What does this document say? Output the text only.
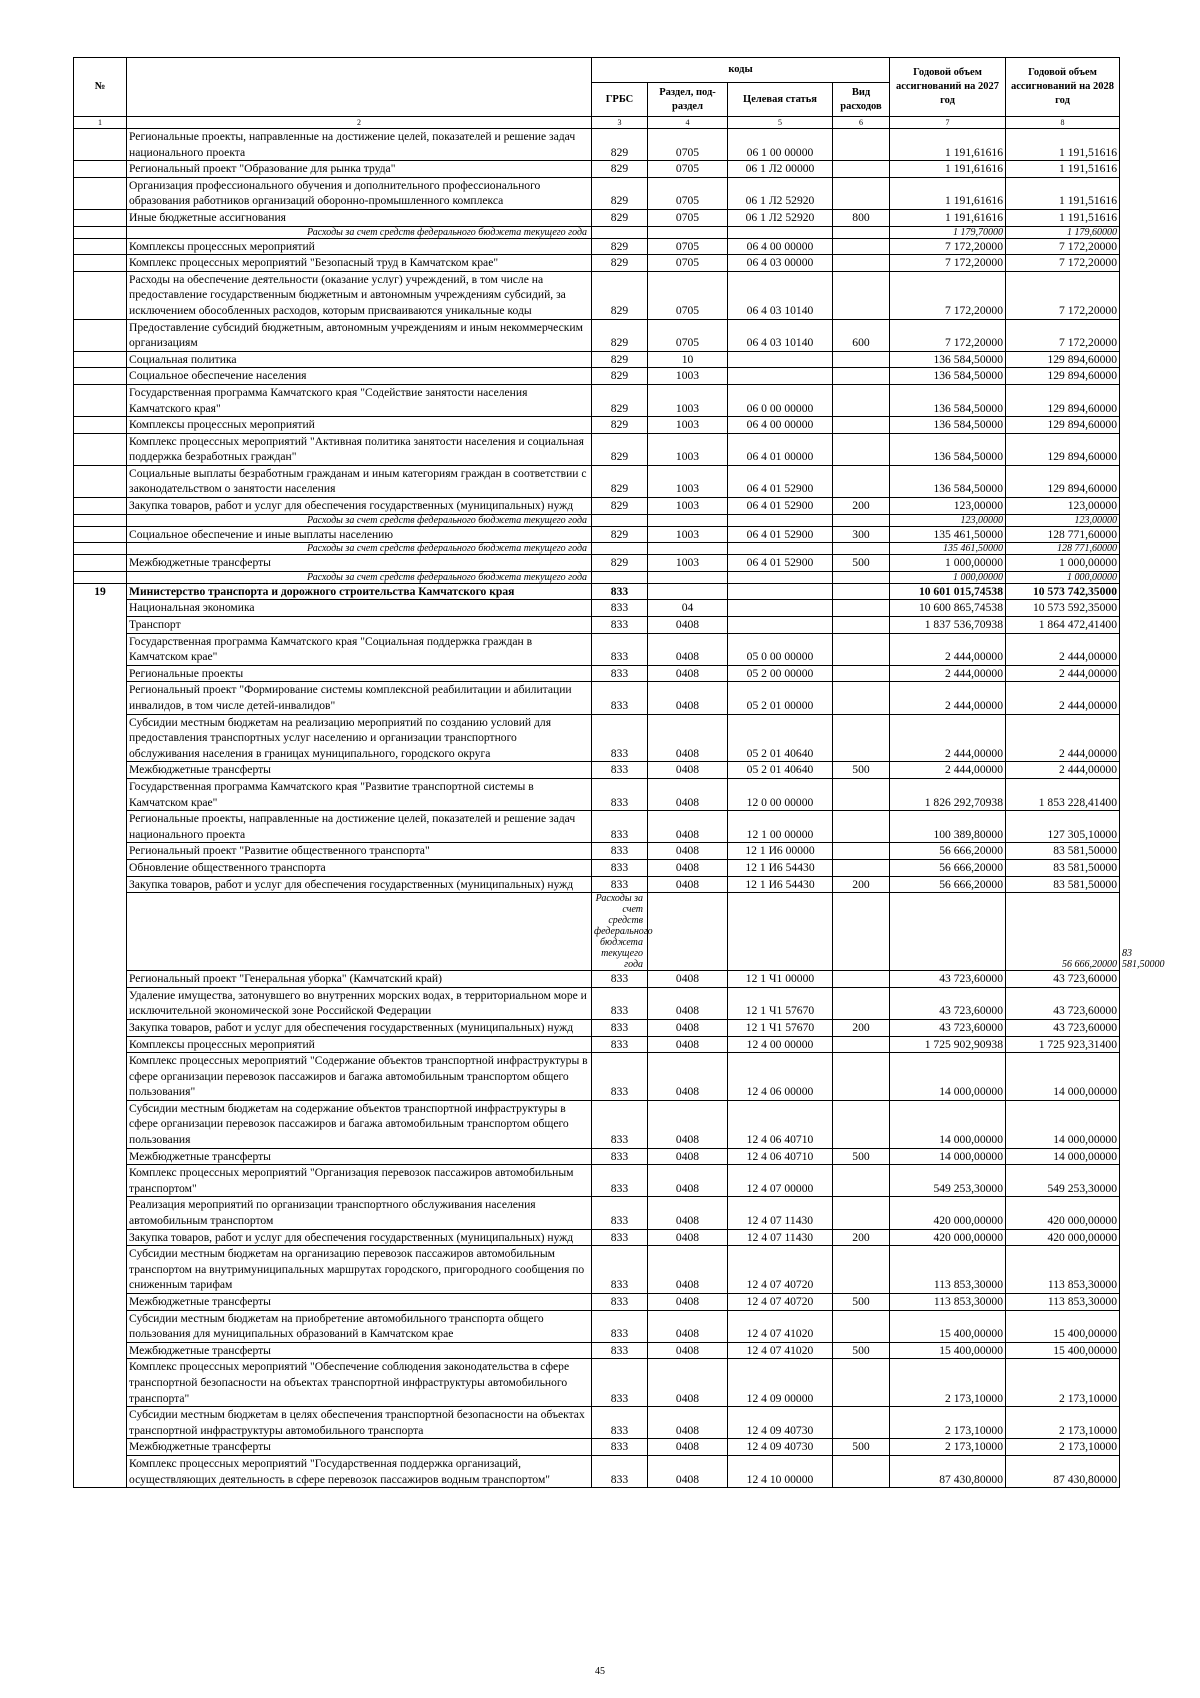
№		коды				Годовой объем ассигнований на 2027 год	Годовой объем ассигнований на 2028 год	
		ГРБС	Раздел, под- раздел	Целевая статья	Вид расходов			
1	2	3	4	5	6	7	8	
	Региональные проекты, направленные на достижение целей, показателей и решение задач национального проекта	829	0705	06 1 00 00000		1 191,61616	1 191,51616	
	Региональный проект "Образование для рынка труда"	829	0705	06 1 Л2 00000		1 191,61616	1 191,51616	
	Организация профессионального обучения и дополнительного профессионального образования работников организаций оборонно-промышленного комплекса	829	0705	06 1 Л2 52920		1 191,61616	1 191,51616	
	Иные бюджетные ассигнования	829	0705	06 1 Л2 52920	800	1 191,61616	1 191,51616	
	Расходы за счет средств федерального бюджета текущего года					1 179,70000	1 179,60000	
	Комплексы процессных мероприятий	829	0705	06 4 00 00000		7 172,20000	7 172,20000	
	Комплекс процессных мероприятий "Безопасный труд в Камчатском крае"	829	0705	06 4 03 00000		7 172,20000	7 172,20000	
	Расходы на обеспечение деятельности (оказание услуг) учреждений, в том числе на предоставление государственным бюджетным и автономным учреждениям субсидий, за исключением обособленных расходов, которым присваиваются уникальные коды	829	0705	06 4 03 10140		7 172,20000	7 172,20000	
	Предоставление субсидий бюджетным, автономным учреждениям и иным некоммерческим организациям	829	0705	06 4 03 10140	600	7 172,20000	7 172,20000	
	Социальная политика	829	10			136 584,50000	129 894,60000	
	Социальное обеспечение населения	829	1003			136 584,50000	129 894,60000	
	Государственная программа Камчатского края "Содействие занятости населения Камчатского края"	829	1003	06 0 00 00000		136 584,50000	129 894,60000	
	Комплексы процессных мероприятий	829	1003	06 4 00 00000		136 584,50000	129 894,60000	
	Комплекс процессных мероприятий "Активная политика занятости населения и социальная поддержка безработных граждан"	829	1003	06 4 01 00000		136 584,50000	129 894,60000	
	Социальные выплаты безработным гражданам и иным категориям граждан в соответствии с законодательством о занятости населения	829	1003	06 4 01 52900		136 584,50000	129 894,60000	
	Закупка товаров, работ и услуг для обеспечения государственных (муниципальных) нужд	829	1003	06 4 01 52900	200	123,00000	123,00000	
	Расходы за счет средств федерального бюджета текущего года					123,00000	123,00000	
	Социальное обеспечение и иные выплаты населению	829	1003	06 4 01 52900	300	135 461,50000	128 771,60000	
	Расходы за счет средств федерального бюджета текущего года					135 461,50000	128 771,60000	
	Межбюджетные трансферты	829	1003	06 4 01 52900	500	1 000,00000	1 000,00000	
	Расходы за счет средств федерального бюджета текущего года					1 000,00000	1 000,00000	
19	Министерство транспорта и дорожного строительства Камчатского края	833				10 601 015,74538	10 573 742,35000	
	Национальная экономика	833	04			10 600 865,74538	10 573 592,35000	
	Транспорт	833	0408			1 837 536,70938	1 864 472,41400	
	Государственная программа Камчатского края "Социальная поддержка граждан в Камчатском крае"	833	0408	05 0 00 00000		2 444,00000	2 444,00000	
	Региональные проекты	833	0408	05 2 00 00000		2 444,00000	2 444,00000	
	Региональный проект "Формирование системы комплексной реабилитации и абилитации инвалидов, в том числе детей-инвалидов"	833	0408	05 2 01 00000		2 444,00000	2 444,00000	
	Субсидии местным бюджетам на реализацию мероприятий по созданию условий для предоставления транспортных услуг населению и организации транспортного обслуживания населения в границах муниципального, городского округа	833	0408	05 2 01 40640		2 444,00000	2 444,00000	
	Межбюджетные трансферты	833	0408	05 2 01 40640	500	2 444,00000	2 444,00000	
	Государственная программа Камчатского края "Развитие транспортной системы в Камчатском крае"	833	0408	12 0 00 00000		1 826 292,70938	1 853 228,41400	
	Региональные проекты, направленные на достижение целей, показателей и решение задач национального проекта	833	0408	12 1 00 00000		100 389,80000	127 305,10000	
	Региональный проект "Развитие общественного транспорта"	833	0408	12 1 И6 00000		56 666,20000	83 581,50000	
	Обновление общественного транспорта	833	0408	12 1 И6 54430		56 666,20000	83 581,50000	
	Закупка товаров, работ и услуг для обеспечения государственных (муниципальных) нужд	833	0408	12 1 И6 54430	200	56 666,20000	83 581,50000	
		Расходы за счет средств федерального бюджета текущего года					56 666,20000	83 581,50000
	Региональный проект "Генеральная уборка" (Камчатский край)	833	0408	12 1 Ч1 00000		43 723,60000	43 723,60000	
	Удаление имущества, затонувшего во внутренних морских водах, в территориальном море и исключительной экономической зоне Российской Федерации	833	0408	12 1 Ч1 57670		43 723,60000	43 723,60000	
	Закупка товаров, работ и услуг для обеспечения государственных (муниципальных) нужд	833	0408	12 1 Ч1 57670	200	43 723,60000	43 723,60000	
	Комплексы процессных мероприятий	833	0408	12 4 00 00000		1 725 902,90938	1 725 923,31400	
	Комплекс процессных мероприятий "Содержание объектов транспортной инфраструктуры в сфере организации перевозок пассажиров и багажа автомобильным транспортом общего пользования"	833	0408	12 4 06 00000		14 000,00000	14 000,00000	
	Субсидии местным бюджетам на содержание объектов транспортной инфраструктуры в сфере организации перевозок пассажиров и багажа автомобильным транспортом общего пользования	833	0408	12 4 06 40710		14 000,00000	14 000,00000	
	Межбюджетные трансферты	833	0408	12 4 06 40710	500	14 000,00000	14 000,00000	
	Комплекс процессных мероприятий "Организация перевозок пассажиров автомобильным транспортом"	833	0408	12 4 07 00000		549 253,30000	549 253,30000	
	Реализация мероприятий по организации транспортного обслуживания населения автомобильным транспортом	833	0408	12 4 07 11430		420 000,00000	420 000,00000	
	Закупка товаров, работ и услуг для обеспечения государственных (муниципальных) нужд	833	0408	12 4 07 11430	200	420 000,00000	420 000,00000	
	Субсидии местным бюджетам на организацию перевозок пассажиров автомобильным транспортом на внутримуниципальных маршрутах городского, пригородного сообщения по сниженным тарифам	833	0408	12 4 07 40720		113 853,30000	113 853,30000	
	Межбюджетные трансферты	833	0408	12 4 07 40720	500	113 853,30000	113 853,30000	
	Субсидии местным бюджетам на приобретение автомобильного транспорта общего пользования для муниципальных образований в Камчатском крае	833	0408	12 4 07 41020		15 400,00000	15 400,00000	
	Межбюджетные трансферты	833	0408	12 4 07 41020	500	15 400,00000	15 400,00000	
	Комплекс процессных мероприятий "Обеспечение соблюдения законодательства в сфере транспортной безопасности на объектах транспортной инфраструктуры автомобильного транспорта"	833	0408	12 4 09 00000		2 173,10000	2 173,10000	
	Субсидии местным бюджетам в целях обеспечения транспортной безопасности на объектах транспортной инфраструктуры автомобильного транспорта	833	0408	12 4 09 40730		2 173,10000	2 173,10000	
	Межбюджетные трансферты	833	0408	12 4 09 40730	500	2 173,10000	2 173,10000	
	Комплекс процессных мероприятий "Государственная поддержка организаций, осуществляющих деятельность в сфере перевозок пассажиров водным транспортом"	833	0408	12 4 10 00000		87 430,80000	87 430,80000	
45
